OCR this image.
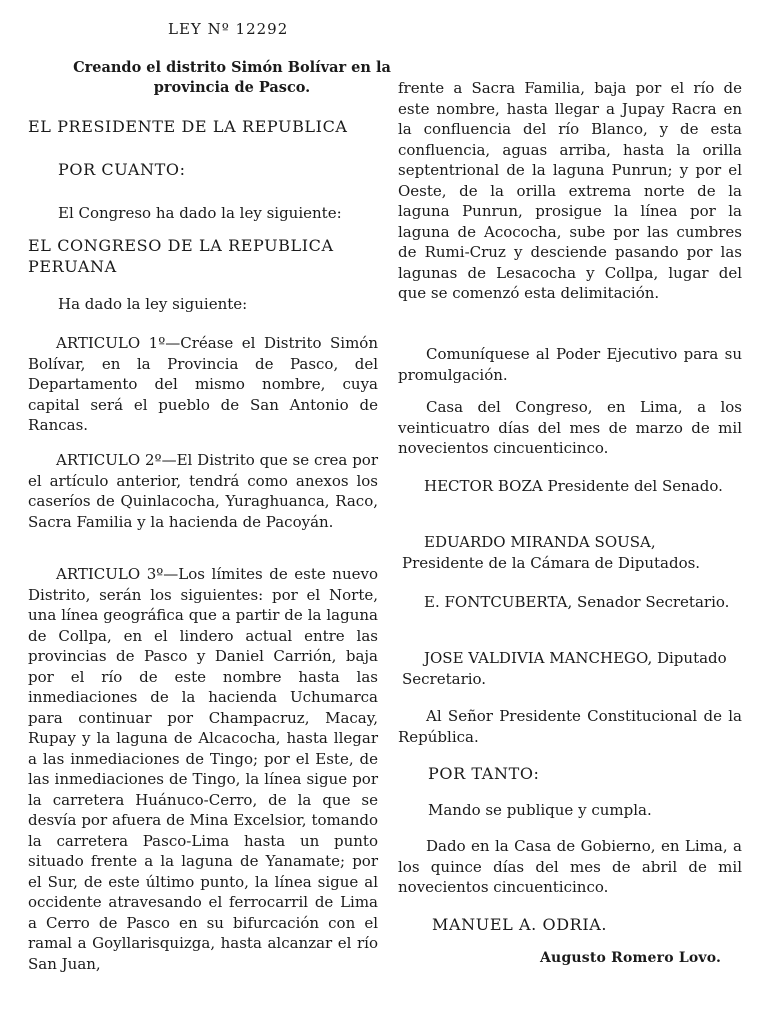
LEY Nº 12292
Creando el distrito Simón Bolívar en la provincia de Pasco.

EL PRESIDENTE DE LA REPUBLICA

POR CUANTO:

El Congreso ha dado la ley siguiente:

EL CONGRESO DE LA REPUBLICA PERUANA

Ha dado la ley siguiente:

ARTICULO 1º—Créase el Distrito Simón Bolívar, en la Provincia de Pasco, del Departamento del mismo nombre, cuya capital será el pueblo de San Antonio de Rancas.

ARTICULO 2º—El Distrito que se crea por el artículo anterior, tendrá como anexos los caseríos de Quinlacocha, Yuraghuanca, Raco, Sacra Familia y la hacienda de Pacoyán.

ARTICULO 3º—Los límites de este nuevo Distrito, serán los siguientes: por el Norte, una línea geográfica que a partir de la laguna de Collpa, en el lindero actual entre las provincias de Pasco y Daniel Carrión, baja por el río de este nombre hasta las inmediaciones de la hacienda Uchumarca para continuar por Champacruz, Macay, Rupay y la laguna de Alcacocha, hasta llegar a las inmediaciones de Tingo; por el Este, de las inmediaciones de Tingo, la línea sigue por la carretera Huánuco-Cerro, de la que se desvía por afuera de Mina Excelsior, tomando la carretera Pasco-Lima hasta un punto situado frente a la laguna de Yanamate; por el Sur, de este último punto, la línea sigue al occidente atravesando el ferrocarril de Lima a Cerro de Pasco en su bifurcación con el ramal a Goyllarisquizga, hasta alcanzar el río San Juan,

frente a Sacra Familia, baja por el río de este nombre, hasta llegar a Jupay Racra en la confluencia del río Blanco, y de esta confluencia, aguas arriba, hasta la orilla septentrional de la laguna Punrun; y por el Oeste, de la orilla extrema norte de la laguna Punrun, prosigue la línea por la laguna de Acococha, sube por las cumbres de Rumi-Cruz y desciende pasando por las lagunas de Lesacocha y Collpa, lugar del que se comenzó esta delimitación.

Comuníquese al Poder Ejecutivo para su promulgación.

Casa del Congreso, en Lima, a los veinticuatro días del mes de marzo de mil novecientos cincuenticinco.

HECTOR BOZA Presidente del Senado.

EDUARDO MIRANDA SOUSA, Presidente de la Cámara de Diputados.

E. FONTCUBERTA, Senador Secretario.

JOSE VALDIVIA MANCHEGO, Diputado Secretario.

Al Señor Presidente Constitucional de la República.

POR TANTO:

Mando se publique y cumpla.

Dado en la Casa de Gobierno, en Lima, a los quince días del mes de abril de mil novecientos cincuenticinco.

MANUEL A. ODRIA.

Augusto Romero Lovo.
